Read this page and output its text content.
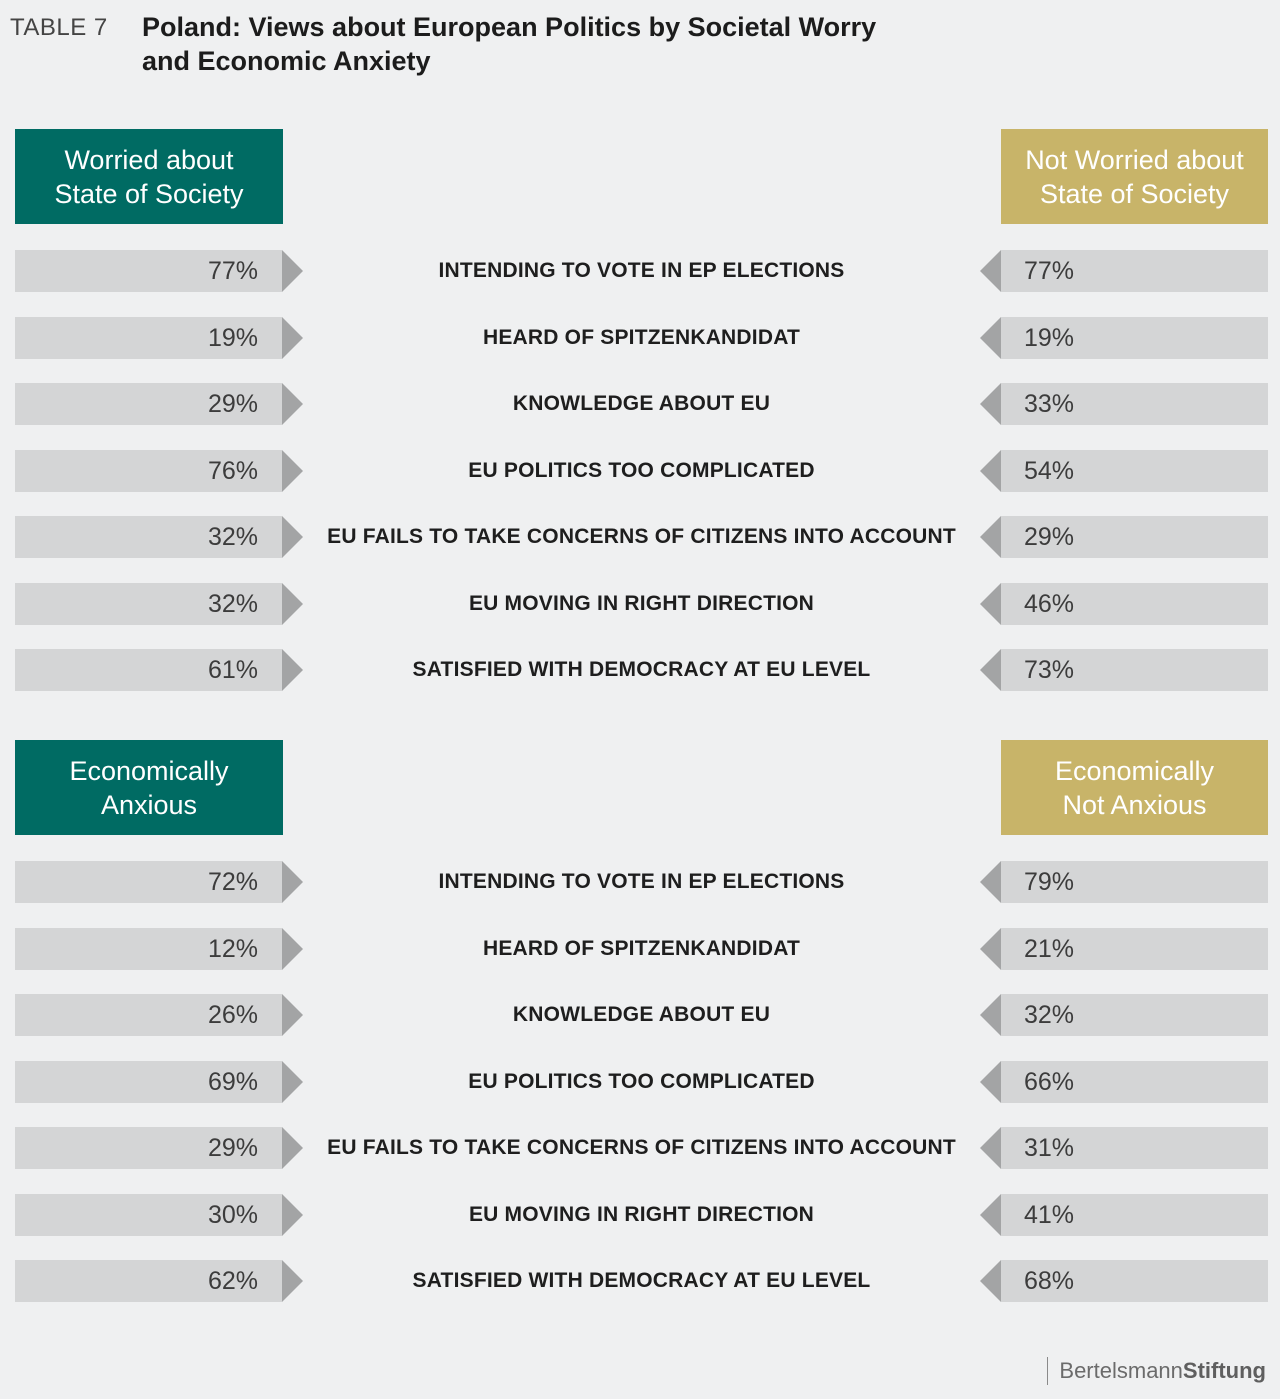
TABLE 7 Poland: Views about European Politics by Societal Worry and Economic Anxiety
Worried about
State of Society
Not Worried about
State of Society
77%	INTENDING TO VOTE IN EP ELECTIONS	77%
19%	HEARD OF SPITZENKANDIDAT	19%
29%	KNOWLEDGE ABOUT EU	33%
76%	EU POLITICS TOO COMPLICATED	54%
32%	EU FAILS TO TAKE CONCERNS OF CITIZENS INTO ACCOUNT	29%
32%	EU MOVING IN RIGHT DIRECTION	46%
61%	SATISFIED WITH DEMOCRACY AT EU LEVEL	73%
Economically
Anxious
Economically
Not Anxious
72%	INTENDING TO VOTE IN EP ELECTIONS	79%
12%	HEARD OF SPITZENKANDIDAT	21%
26%	KNOWLEDGE ABOUT EU	32%
69%	EU POLITICS TOO COMPLICATED	66%
29%	EU FAILS TO TAKE CONCERNS OF CITIZENS INTO ACCOUNT	31%
30%	EU MOVING IN RIGHT DIRECTION	41%
62%	SATISFIED WITH DEMOCRACY AT EU LEVEL	68%
Bertelsmann Stiftung
